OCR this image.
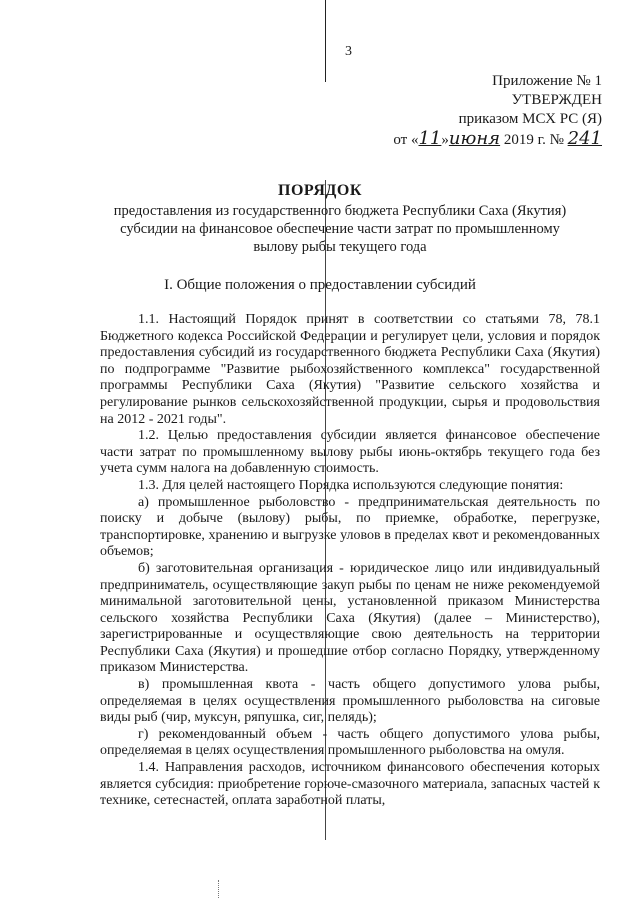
3
Приложение № 1
УТВЕРЖДЕН
приказом МСХ РС (Я)
от «11»июня 2019 г. № 241
ПОРЯДОК
предоставления из государственного бюджета Республики Саха (Якутия) субсидии на финансовое обеспечение части затрат по промышленному вылову рыбы текущего года
I. Общие положения о предоставлении субсидий

1.1. Настоящий Порядок принят в соответствии со статьями 78, 78.1 Бюджетного кодекса Российской Федерации и регулирует цели, условия и порядок предоставления субсидий из государственного бюджета Республики Саха (Якутия) по подпрограмме "Развитие рыбохозяйственного комплекса" государственной программы Республики Саха (Якутия) "Развитие сельского хозяйства и регулирование рынков сельскохозяйственной продукции, сырья и продовольствия на 2012 - 2021 годы".

1.2. Целью предоставления субсидии является финансовое обеспечение части затрат по промышленному вылову рыбы июнь-октябрь текущего года без учета сумм налога на добавленную стоимость.

1.3. Для целей настоящего Порядка используются следующие понятия:

а) промышленное рыболовство - предпринимательская деятельность по поиску и добыче (вылову) рыбы, по приемке, обработке, перегрузке, транспортировке, хранению и выгрузке уловов в пределах квот и рекомендованных объемов;

б) заготовительная организация - юридическое лицо или индивидуальный предприниматель, осуществляющие закуп рыбы по ценам не ниже рекомендуемой минимальной заготовительной цены, установленной приказом Министерства сельского хозяйства Республики Саха (Якутия) (далее – Министерство), зарегистрированные и осуществляющие свою деятельность на территории Республики Саха (Якутия) и прошедшие отбор согласно Порядку, утвержденному приказом Министерства.

в) промышленная квота - часть общего допустимого улова рыбы, определяемая в целях осуществления промышленного рыболовства на сиговые виды рыб (чир, муксун, ряпушка, сиг, пелядь);

г) рекомендованный объем - часть общего допустимого улова рыбы, определяемая в целях осуществления промышленного рыболовства на омуля.

1.4. Направления расходов, источником финансового обеспечения которых является субсидия: приобретение горюче-смазочного материала, запасных частей к технике, сетеснастей, оплата заработной платы,
